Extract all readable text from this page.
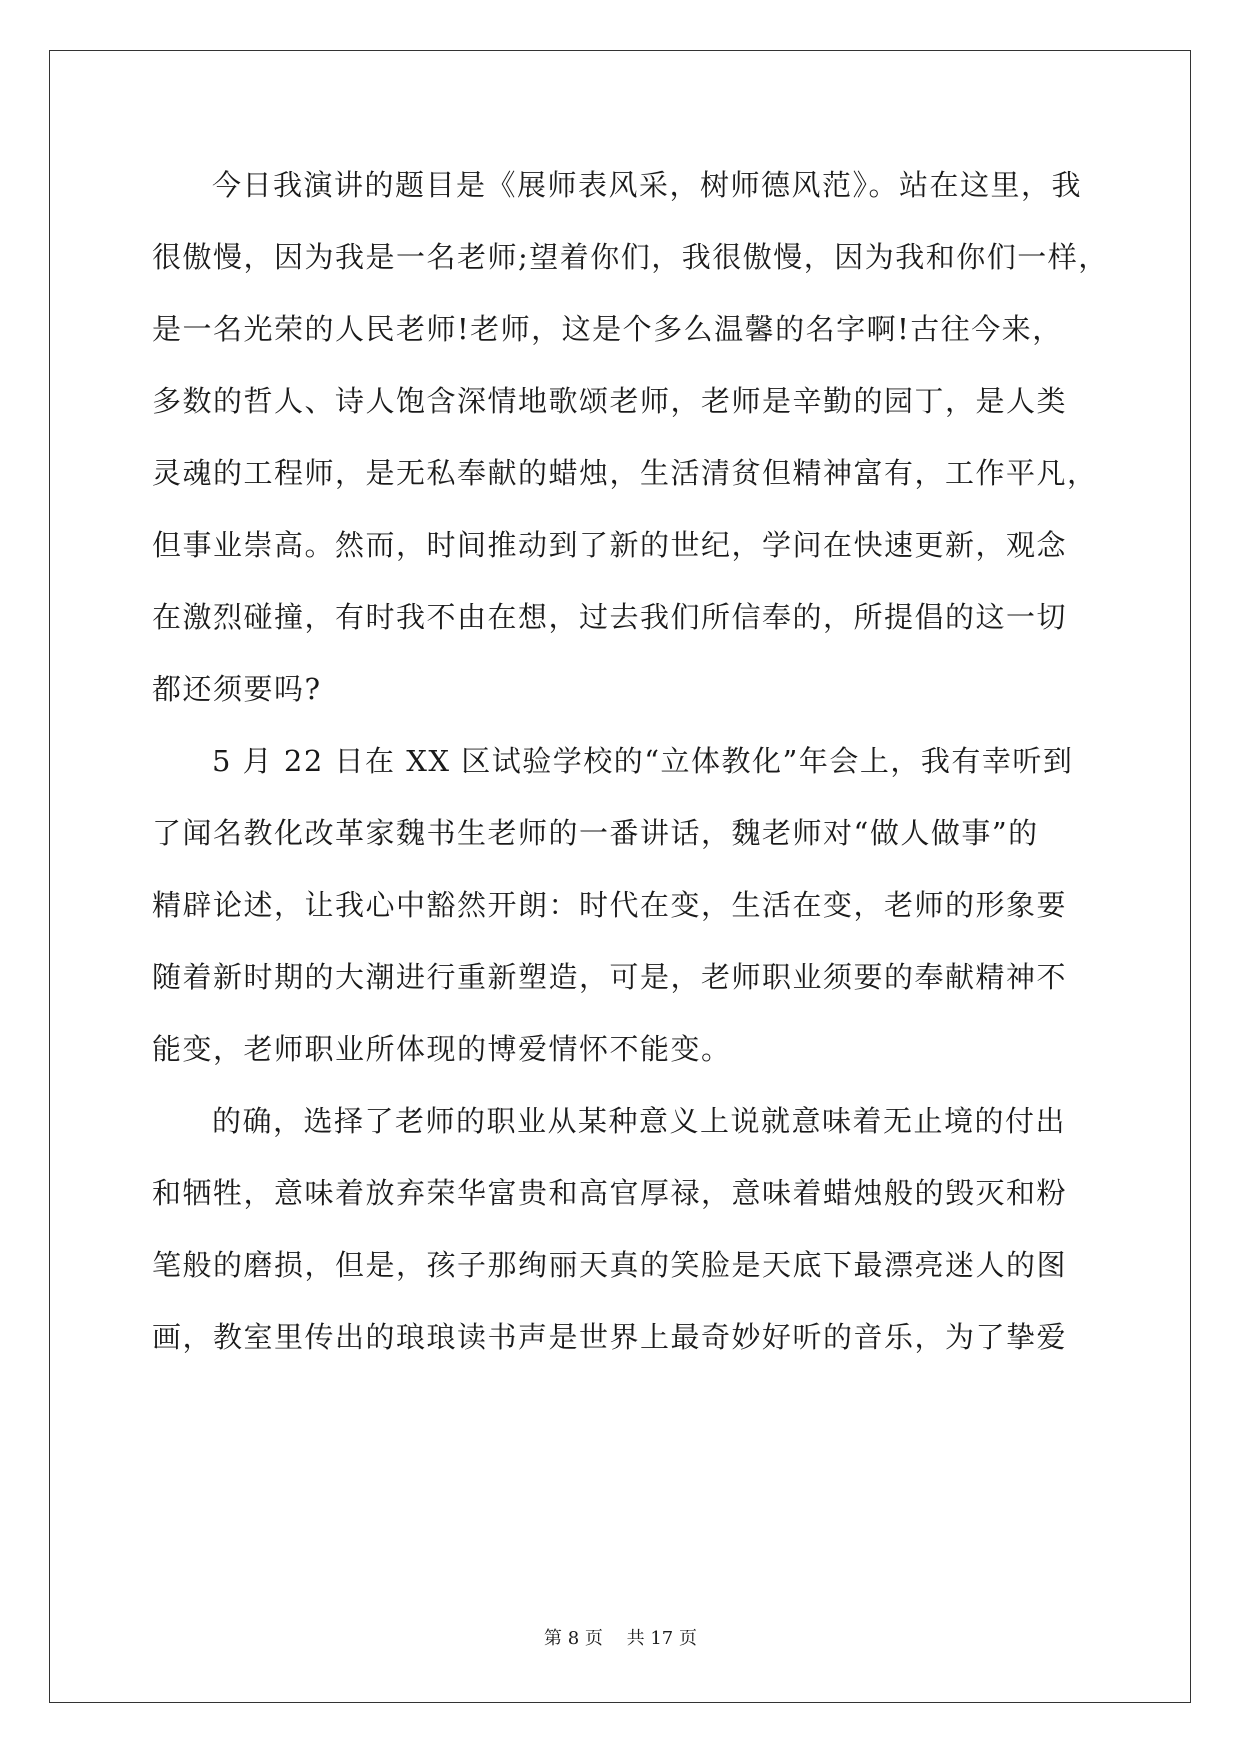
今日我演讲的题目是《展师表风采，树师德风范》。站在这里，我
很傲慢，因为我是一名老师;望着你们，我很傲慢，因为我和你们一样，
是一名光荣的人民老师!老师，这是个多么温馨的名字啊!古往今来，
多数的哲人、诗人饱含深情地歌颂老师，老师是辛勤的园丁，是人类
灵魂的工程师，是无私奉献的蜡烛，生活清贫但精神富有，工作平凡，
但事业崇高。然而，时间推动到了新的世纪，学问在快速更新，观念
在激烈碰撞，有时我不由在想，过去我们所信奉的，所提倡的这一切
都还须要吗?
5 月 22 日在 XX 区试验学校的“立体教化”年会上，我有幸听到
了闻名教化改革家魏书生老师的一番讲话，魏老师对“做人做事”的
精辟论述，让我心中豁然开朗：时代在变，生活在变，老师的形象要
随着新时期的大潮进行重新塑造，可是，老师职业须要的奉献精神不
能变，老师职业所体现的博爱情怀不能变。
的确，选择了老师的职业从某种意义上说就意味着无止境的付出
和牺牲，意味着放弃荣华富贵和高官厚禄，意味着蜡烛般的毁灭和粉
笔般的磨损，但是，孩子那绚丽天真的笑脸是天底下最漂亮迷人的图
画，教室里传出的琅琅读书声是世界上最奇妙好听的音乐，为了挚爱
第 8 页　 共 17 页
